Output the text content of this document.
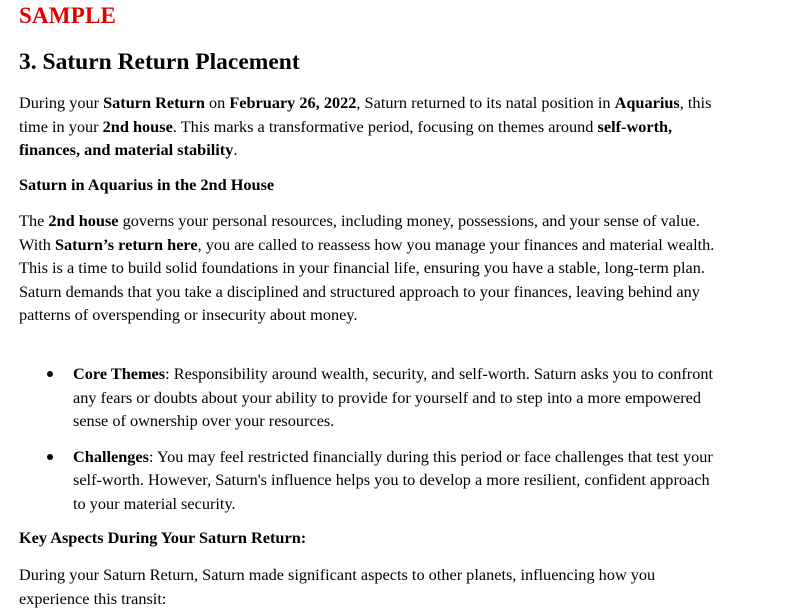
SAMPLE
3. Saturn Return Placement

During your Saturn Return on February 26, 2022, Saturn returned to its natal position in Aquarius, this time in your 2nd house. This marks a transformative period, focusing on themes around self-worth, finances, and material stability.

Saturn in Aquarius in the 2nd House

The 2nd house governs your personal resources, including money, possessions, and your sense of value. With Saturn’s return here, you are called to reassess how you manage your finances and material wealth. This is a time to build solid foundations in your financial life, ensuring you have a stable, long-term plan. Saturn demands that you take a disciplined and structured approach to your finances, leaving behind any patterns of overspending or insecurity about money.

Core Themes: Responsibility around wealth, security, and self-worth. Saturn asks you to confront any fears or doubts about your ability to provide for yourself and to step into a more empowered sense of ownership over your resources.
Challenges: You may feel restricted financially during this period or face challenges that test your self-worth. However, Saturn's influence helps you to develop a more resilient, confident approach to your material security.
Key Aspects During Your Saturn Return:

During your Saturn Return, Saturn made significant aspects to other planets, influencing how you experience this transit:
